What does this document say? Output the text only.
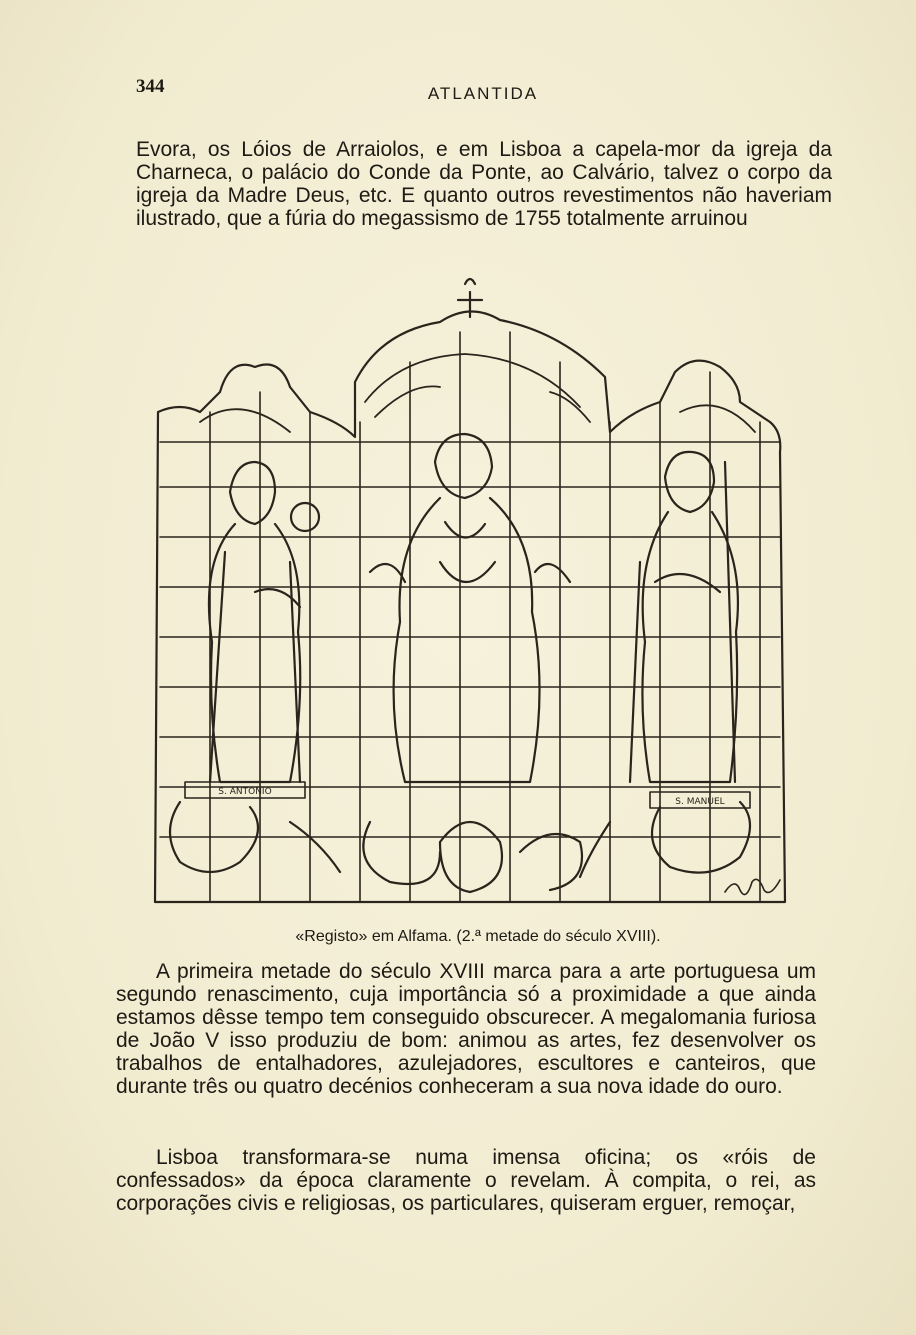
344	ATLANTIDA

Evora, os Lóios de Arraiolos, e em Lisboa a capela-mor da igreja da Charneca, o palácio do Conde da Ponte, ao Calvário, talvez o corpo da igreja da Madre Deus, etc. E quanto outros revestimentos não haveriam ilustrado, que a fúria do megassismo de 1755 totalmente arruinou

S. ANTONIO
S. MANUEL
«Registo» em Alfama. (2.ª metade do século XVIII).

A primeira metade do século XVIII marca para a arte portuguesa um segundo renascimento, cuja importância só a proximidade a que ainda estamos dêsse tempo tem conseguido obscurecer. A megalomania furiosa de João V isso produziu de bom: animou as artes, fez desenvolver os trabalhos de entalhadores, azulejadores, escultores e canteiros, que durante três ou quatro decénios conheceram a sua nova idade do ouro.

Lisboa transformara-se numa imensa oficina; os «róis de confessados» da época claramente o revelam. À compita, o rei, as corporações civis e religiosas, os particulares, quiseram erguer, remoçar,
